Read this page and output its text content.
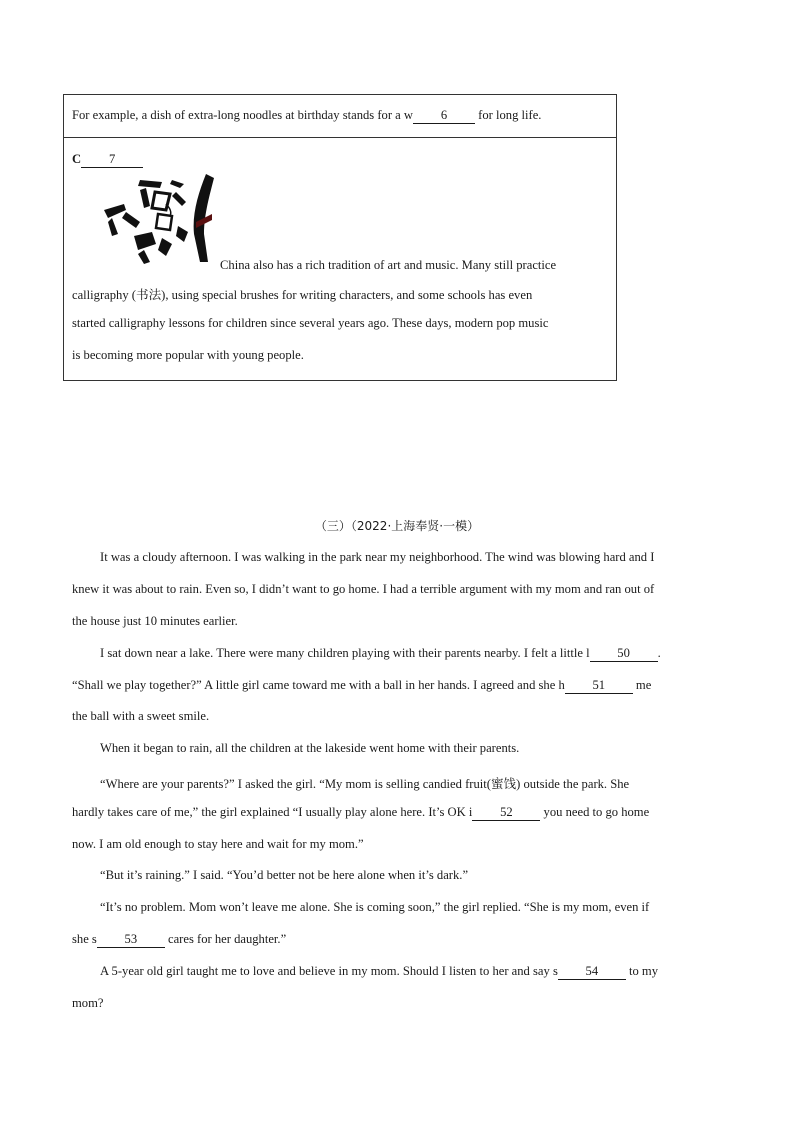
For example, a dish of extra-long noodles at birthday stands for a w 6 for long life.
C 7
China also has a rich tradition of art and music. Many still practice
calligraphy (书法), using special brushes for writing characters, and some schools has even
started calligraphy lessons for children since several years ago. These days, modern pop music
is becoming more popular with young people.
（三）（2022·上海奉贤·一模）
It was a cloudy afternoon. I was walking in the park near my neighborhood. The wind was blowing hard and I
knew it was about to rain. Even so, I didn’t want to go home. I had a terrible argument with my mom and ran out of
the house just 10 minutes earlier.
I sat down near a lake. There were many children playing with their parents nearby. I felt a little l 50 .
“Shall we play together?” A little girl came toward me with a ball in her hands. I agreed and she h 51 me
the ball with a sweet smile.
When it began to rain, all the children at the lakeside went home with their parents.
“Where are your parents?” I asked the girl. “My mom is selling candied fruit(蜜饯) outside the park. She
hardly takes care of me,” the girl explained “I usually play alone here. It’s OK i 52 you need to go home
now. I am old enough to stay here and wait for my mom.”
“But it’s raining.” I said. “You’d better not be here alone when it’s dark.”
“It’s no problem. Mom won’t leave me alone. She is coming soon,” the girl replied. “She is my mom, even if
she s 53 cares for her daughter.”
A 5-year old girl taught me to love and believe in my mom. Should I listen to her and say s 54 to my
mom?
